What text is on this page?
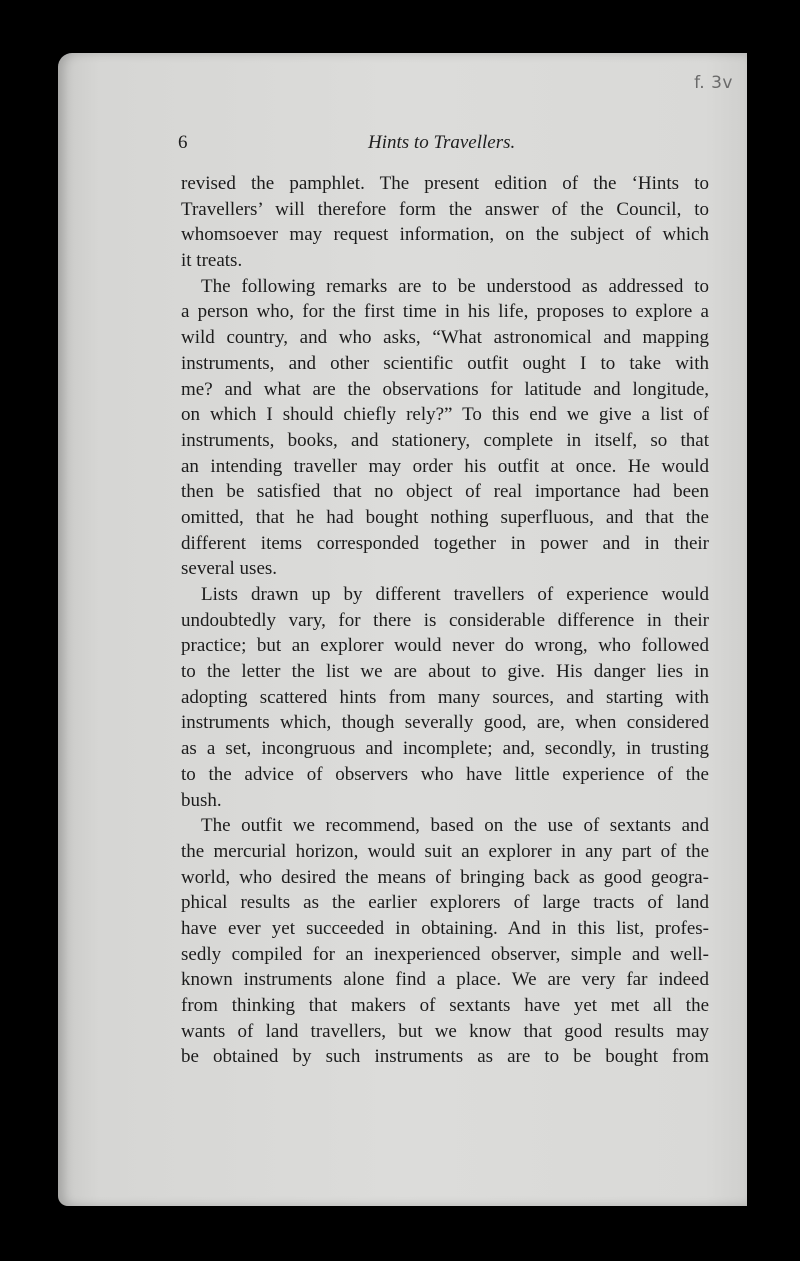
f. 3v
6	Hints to Travellers.
revised the pamphlet. The present edition of the ‘Hints to
Travellers’ will therefore form the answer of the Council, to
whomsoever may request information, on the subject of which
it treats.
The following remarks are to be understood as addressed to
a person who, for the first time in his life, proposes to explore a
wild country, and who asks, “What astronomical and mapping
instruments, and other scientific outfit ought I to take with
me? and what are the observations for latitude and longitude,
on which I should chiefly rely?” To this end we give a list of
instruments, books, and stationery, complete in itself, so that
an intending traveller may order his outfit at once. He would
then be satisfied that no object of real importance had been
omitted, that he had bought nothing superfluous, and that the
different items corresponded together in power and in their
several uses.
Lists drawn up by different travellers of experience would
undoubtedly vary, for there is considerable difference in their
practice; but an explorer would never do wrong, who followed
to the letter the list we are about to give. His danger lies in
adopting scattered hints from many sources, and starting with
instruments which, though severally good, are, when considered
as a set, incongruous and incomplete; and, secondly, in trusting
to the advice of observers who have little experience of the
bush.
The outfit we recommend, based on the use of sextants and
the mercurial horizon, would suit an explorer in any part of the
world, who desired the means of bringing back as good geogra-
phical results as the earlier explorers of large tracts of land
have ever yet succeeded in obtaining. And in this list, profes-
sedly compiled for an inexperienced observer, simple and well-
known instruments alone find a place. We are very far indeed
from thinking that makers of sextants have yet met all the
wants of land travellers, but we know that good results may
be obtained by such instruments as are to be bought from
